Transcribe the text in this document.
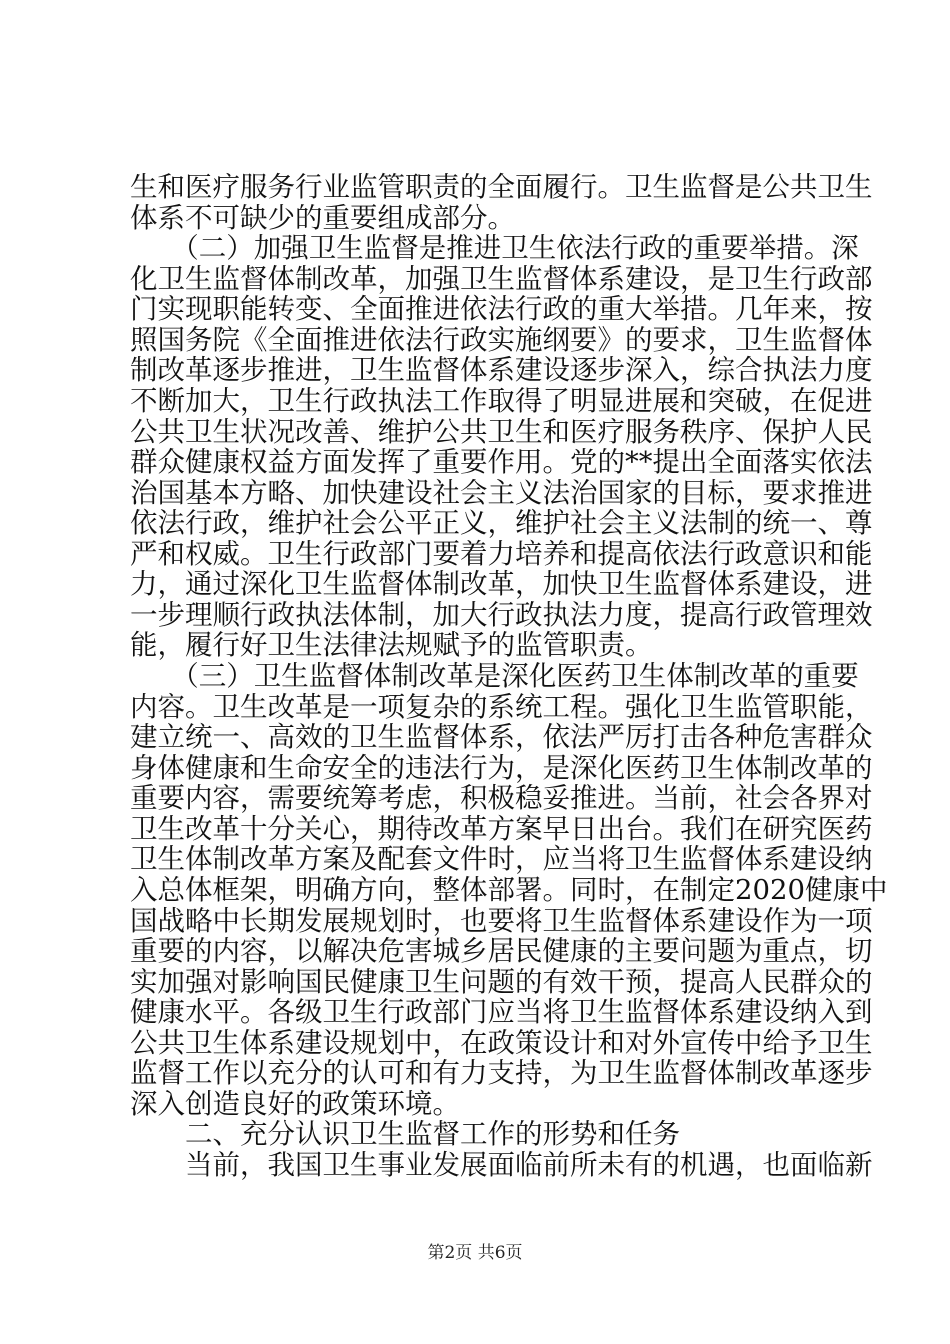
生和医疗服务行业监管职责的全面履行。卫生监督是公共卫生
体系不可缺少的重要组成部分。
　　（二）加强卫生监督是推进卫生依法行政的重要举措。深
化卫生监督体制改革，加强卫生监督体系建设，是卫生行政部
门实现职能转变、全面推进依法行政的重大举措。几年来，按
照国务院《全面推进依法行政实施纲要》的要求，卫生监督体
制改革逐步推进，卫生监督体系建设逐步深入，综合执法力度
不断加大，卫生行政执法工作取得了明显进展和突破，在促进
公共卫生状况改善、维护公共卫生和医疗服务秩序、保护人民
群众健康权益方面发挥了重要作用。党的**提出全面落实依法
治国基本方略、加快建设社会主义法治国家的目标，要求推进
依法行政，维护社会公平正义，维护社会主义法制的统一、尊
严和权威。卫生行政部门要着力培养和提高依法行政意识和能
力，通过深化卫生监督体制改革，加快卫生监督体系建设，进
一步理顺行政执法体制，加大行政执法力度，提高行政管理效
能，履行好卫生法律法规赋予的监管职责。
　　（三）卫生监督体制改革是深化医药卫生体制改革的重要
内容。卫生改革是一项复杂的系统工程。强化卫生监管职能，
建立统一、高效的卫生监督体系，依法严厉打击各种危害群众
身体健康和生命安全的违法行为，是深化医药卫生体制改革的
重要内容，需要统筹考虑，积极稳妥推进。当前，社会各界对
卫生改革十分关心，期待改革方案早日出台。我们在研究医药
卫生体制改革方案及配套文件时，应当将卫生监督体系建设纳
入总体框架，明确方向，整体部署。同时，在制定2020健康中
国战略中长期发展规划时，也要将卫生监督体系建设作为一项
重要的内容，以解决危害城乡居民健康的主要问题为重点，切
实加强对影响国民健康卫生问题的有效干预，提高人民群众的
健康水平。各级卫生行政部门应当将卫生监督体系建设纳入到
公共卫生体系建设规划中，在政策设计和对外宣传中给予卫生
监督工作以充分的认可和有力支持，为卫生监督体制改革逐步
深入创造良好的政策环境。
　　二、充分认识卫生监督工作的形势和任务
　　当前，我国卫生事业发展面临前所未有的机遇，也面临新
第2页 共6页
